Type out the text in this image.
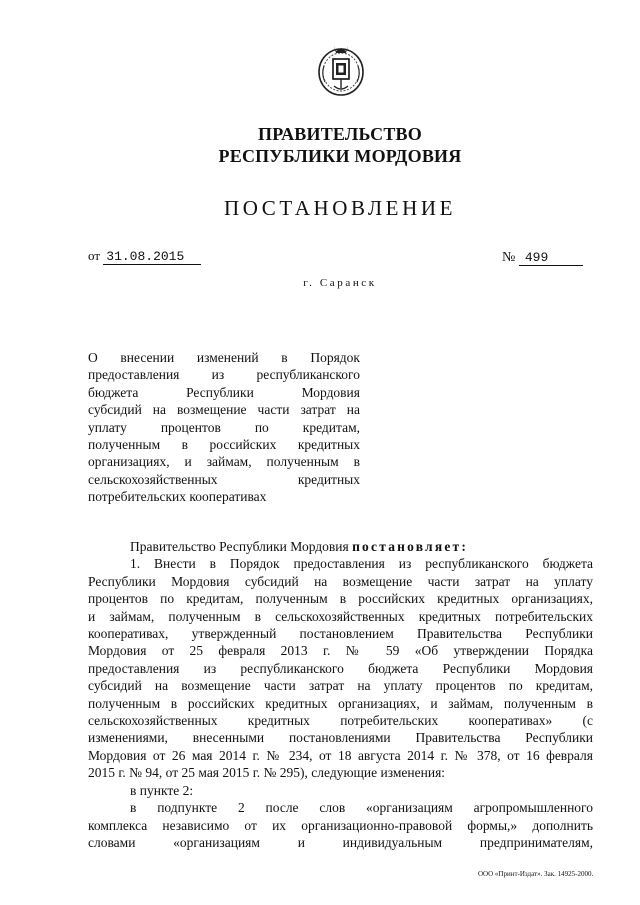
ПРАВИТЕЛЬСТВО
РЕСПУБЛИКИ МОРДОВИЯ
ПОСТАНОВЛЕНИЕ
от 31.08.2015	№ 499
г. Саранск
О внесении изменений в Порядок
предоставления из республиканского
бюджета Республики Мордовия
субсидий на возмещение части затрат на
уплату процентов по кредитам,
полученным в российских кредитных
организациях, и займам, полученным в
сельскохозяйственных кредитных
потребительских кооперативах
Правительство Республики Мордовия постановляет:
1. Внести в Порядок предоставления из республиканского бюджета
Республики Мордовия субсидий на возмещение части затрат на уплату
процентов по кредитам, полученным в российских кредитных организациях,
и займам, полученным в сельскохозяйственных кредитных потребительских
кооперативах, утвержденный постановлением Правительства Республики
Мордовия от 25 февраля 2013 г. № 59 «Об утверждении Порядка
предоставления из республиканского бюджета Республики Мордовия
субсидий на возмещение части затрат на уплату процентов по кредитам,
полученным в российских кредитных организациях, и займам, полученным в
сельскохозяйственных кредитных потребительских кооперативах» (с
изменениями, внесенными постановлениями Правительства Республики
Мордовия от 26 мая 2014 г. № 234, от 18 августа 2014 г. № 378, от 16 февраля
2015 г. № 94, от 25 мая 2015 г. № 295), следующие изменения:
в пункте 2:
в подпункте 2 после слов «организациям агропромышленного
комплекса независимо от их организационно-правовой формы,» дополнить
словами «организациям и индивидуальным предпринимателям,
ООО «Принт-Издат». Зак. 14925-2000.
